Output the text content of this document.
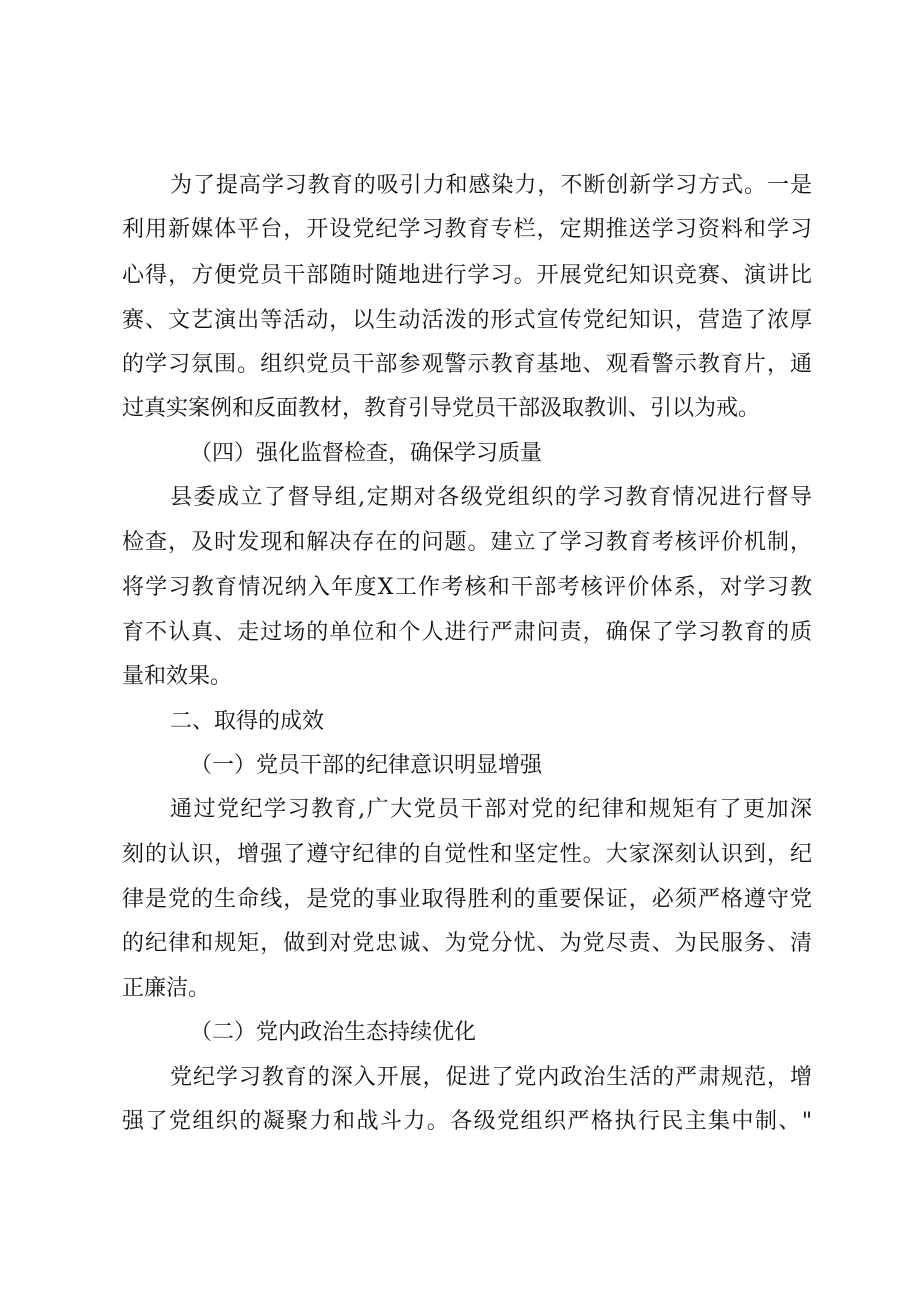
为了提高学习教育的吸引力和感染力，不断创新学习方式。一是
利用新媒体平台，开设党纪学习教育专栏，定期推送学习资料和学习
心得，方便党员干部随时随地进行学习。开展党纪知识竞赛、演讲比
赛、文艺演出等活动，以生动活泼的形式宣传党纪知识，营造了浓厚
的学习氛围。组织党员干部参观警示教育基地、观看警示教育片，通
过真实案例和反面教材，教育引导党员干部汲取教训、引以为戒。
（四）强化监督检查，确保学习质量
县委成立了督导组,定期对各级党组织的学习教育情况进行督导
检查，及时发现和解决存在的问题。建立了学习教育考核评价机制，
将学习教育情况纳入年度X工作考核和干部考核评价体系，对学习教
育不认真、走过场的单位和个人进行严肃问责，确保了学习教育的质
量和效果。
二、取得的成效
（一）党员干部的纪律意识明显增强
通过党纪学习教育,广大党员干部对党的纪律和规矩有了更加深
刻的认识，增强了遵守纪律的自觉性和坚定性。大家深刻认识到，纪
律是党的生命线，是党的事业取得胜利的重要保证，必须严格遵守党
的纪律和规矩，做到对党忠诚、为党分忧、为党尽责、为民服务、清
正廉洁。
（二）党内政治生态持续优化
党纪学习教育的深入开展，促进了党内政治生活的严肃规范，增
强了党组织的凝聚力和战斗力。各级党组织严格执行民主集中制、"
